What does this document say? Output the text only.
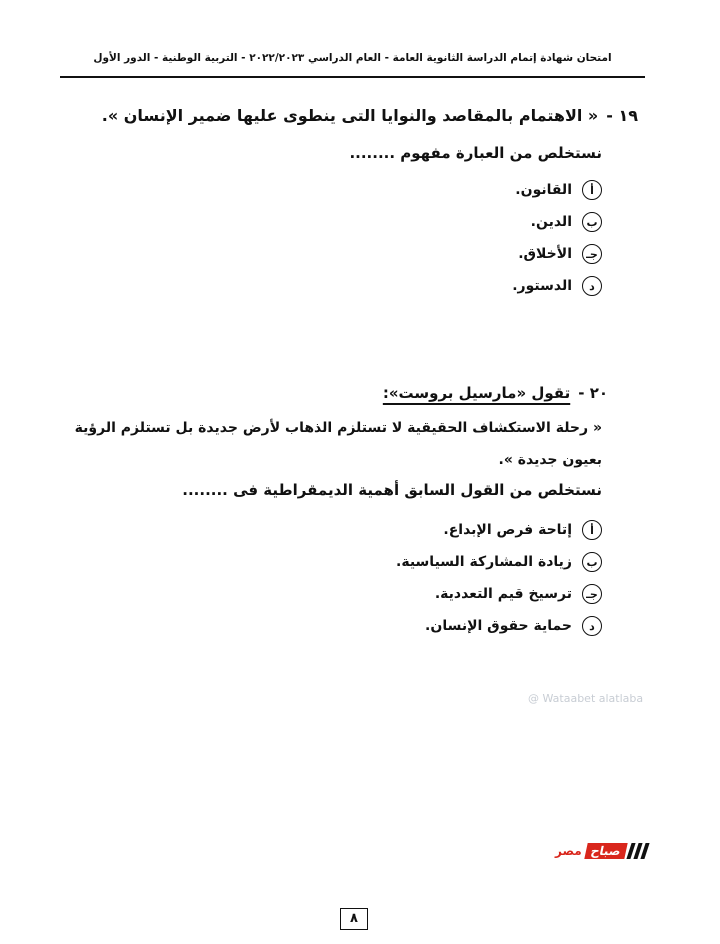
امتحان شهادة إتمام الدراسة الثانوية العامة - العام الدراسي ٢٠٢٢/٢٠٢٣ - التربية الوطنية - الدور الأول
١٩ -« الاهتمام بالمقاصد والنوايا التى ينطوى عليها ضمير الإنسان ».
نستخلص من العبارة مفهوم ........
أ
القانون.
ب
الدين.
جـ
الأخلاق.
د
الدستور.
٢٠ -تقول «مارسيل بروست»:
« رحلة الاستكشاف الحقيقية لا تستلزم الذهاب لأرض جديدة بل تستلزم الرؤية
بعيون جديدة ».
نستخلص من القول السابق أهمية الديمقراطية فى ........
أ
إتاحة فرص الإبداع.
ب
زيادة المشاركة السياسية.
جـ
ترسيخ قيم التعددية.
د
حماية حقوق الإنسان.
@ Wataabet alatlaba
مصر صباح
٨
